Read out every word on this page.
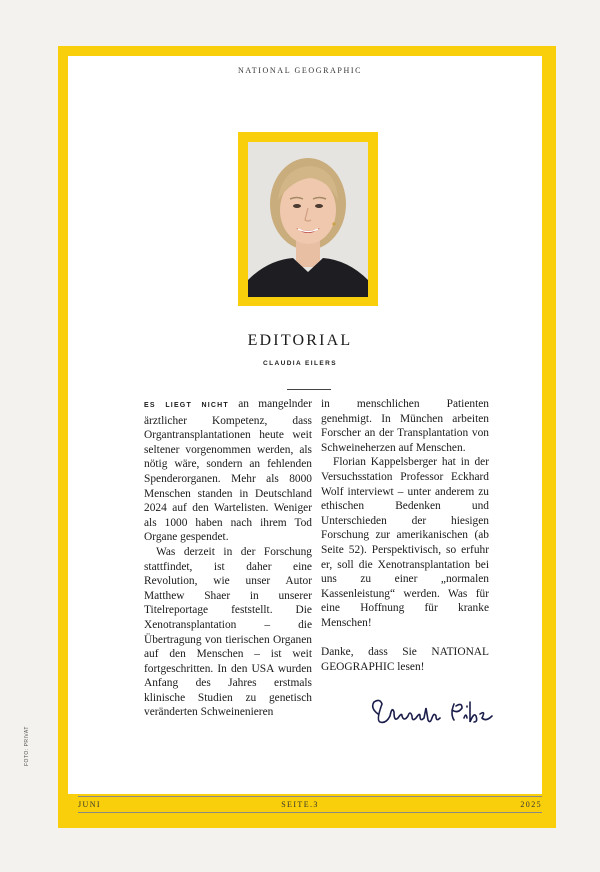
NATIONAL GEOGRAPHIC
EDITORIAL
CLAUDIA EILERS

ES LIEGT NICHT an mangelnder ärztlicher Kompetenz, dass Organtransplantationen heute weit seltener vorgenommen werden, als nötig wäre, sondern an fehlenden Spenderorganen. Mehr als 8000 Menschen standen in Deutschland 2024 auf den Wartelisten. Weniger als 1000 haben nach ihrem Tod Organe gespendet.

Was derzeit in der Forschung stattfindet, ist daher eine Revolution, wie unser Autor Matthew Shaer in unserer Titelreportage feststellt. Die Xenotransplantation – die Übertragung von tierischen Organen auf den Menschen – ist weit fortgeschritten. In den USA wurden Anfang des Jahres erstmals klinische Studien zu genetisch veränderten Schweinenieren

in menschlichen Patienten genehmigt. In München arbeiten Forscher an der Transplantation von Schweineherzen auf Menschen.

Florian Kappelsberger hat in der Versuchsstation Professor Eckhard Wolf interviewt – unter anderem zu ethischen Bedenken und Unterschieden der hiesigen Forschung zur amerikanischen (ab Seite 52). Perspektivisch, so erfuhr er, soll die Xenotransplantation bei uns zu einer „normalen Kassenleistung“ werden. Was für eine Hoffnung für kranke Menschen!

Danke, dass Sie NATIONAL GEOGRAPHIC lesen!

JUNI	SEITE.3	2025
FOTO: PRIVAT
